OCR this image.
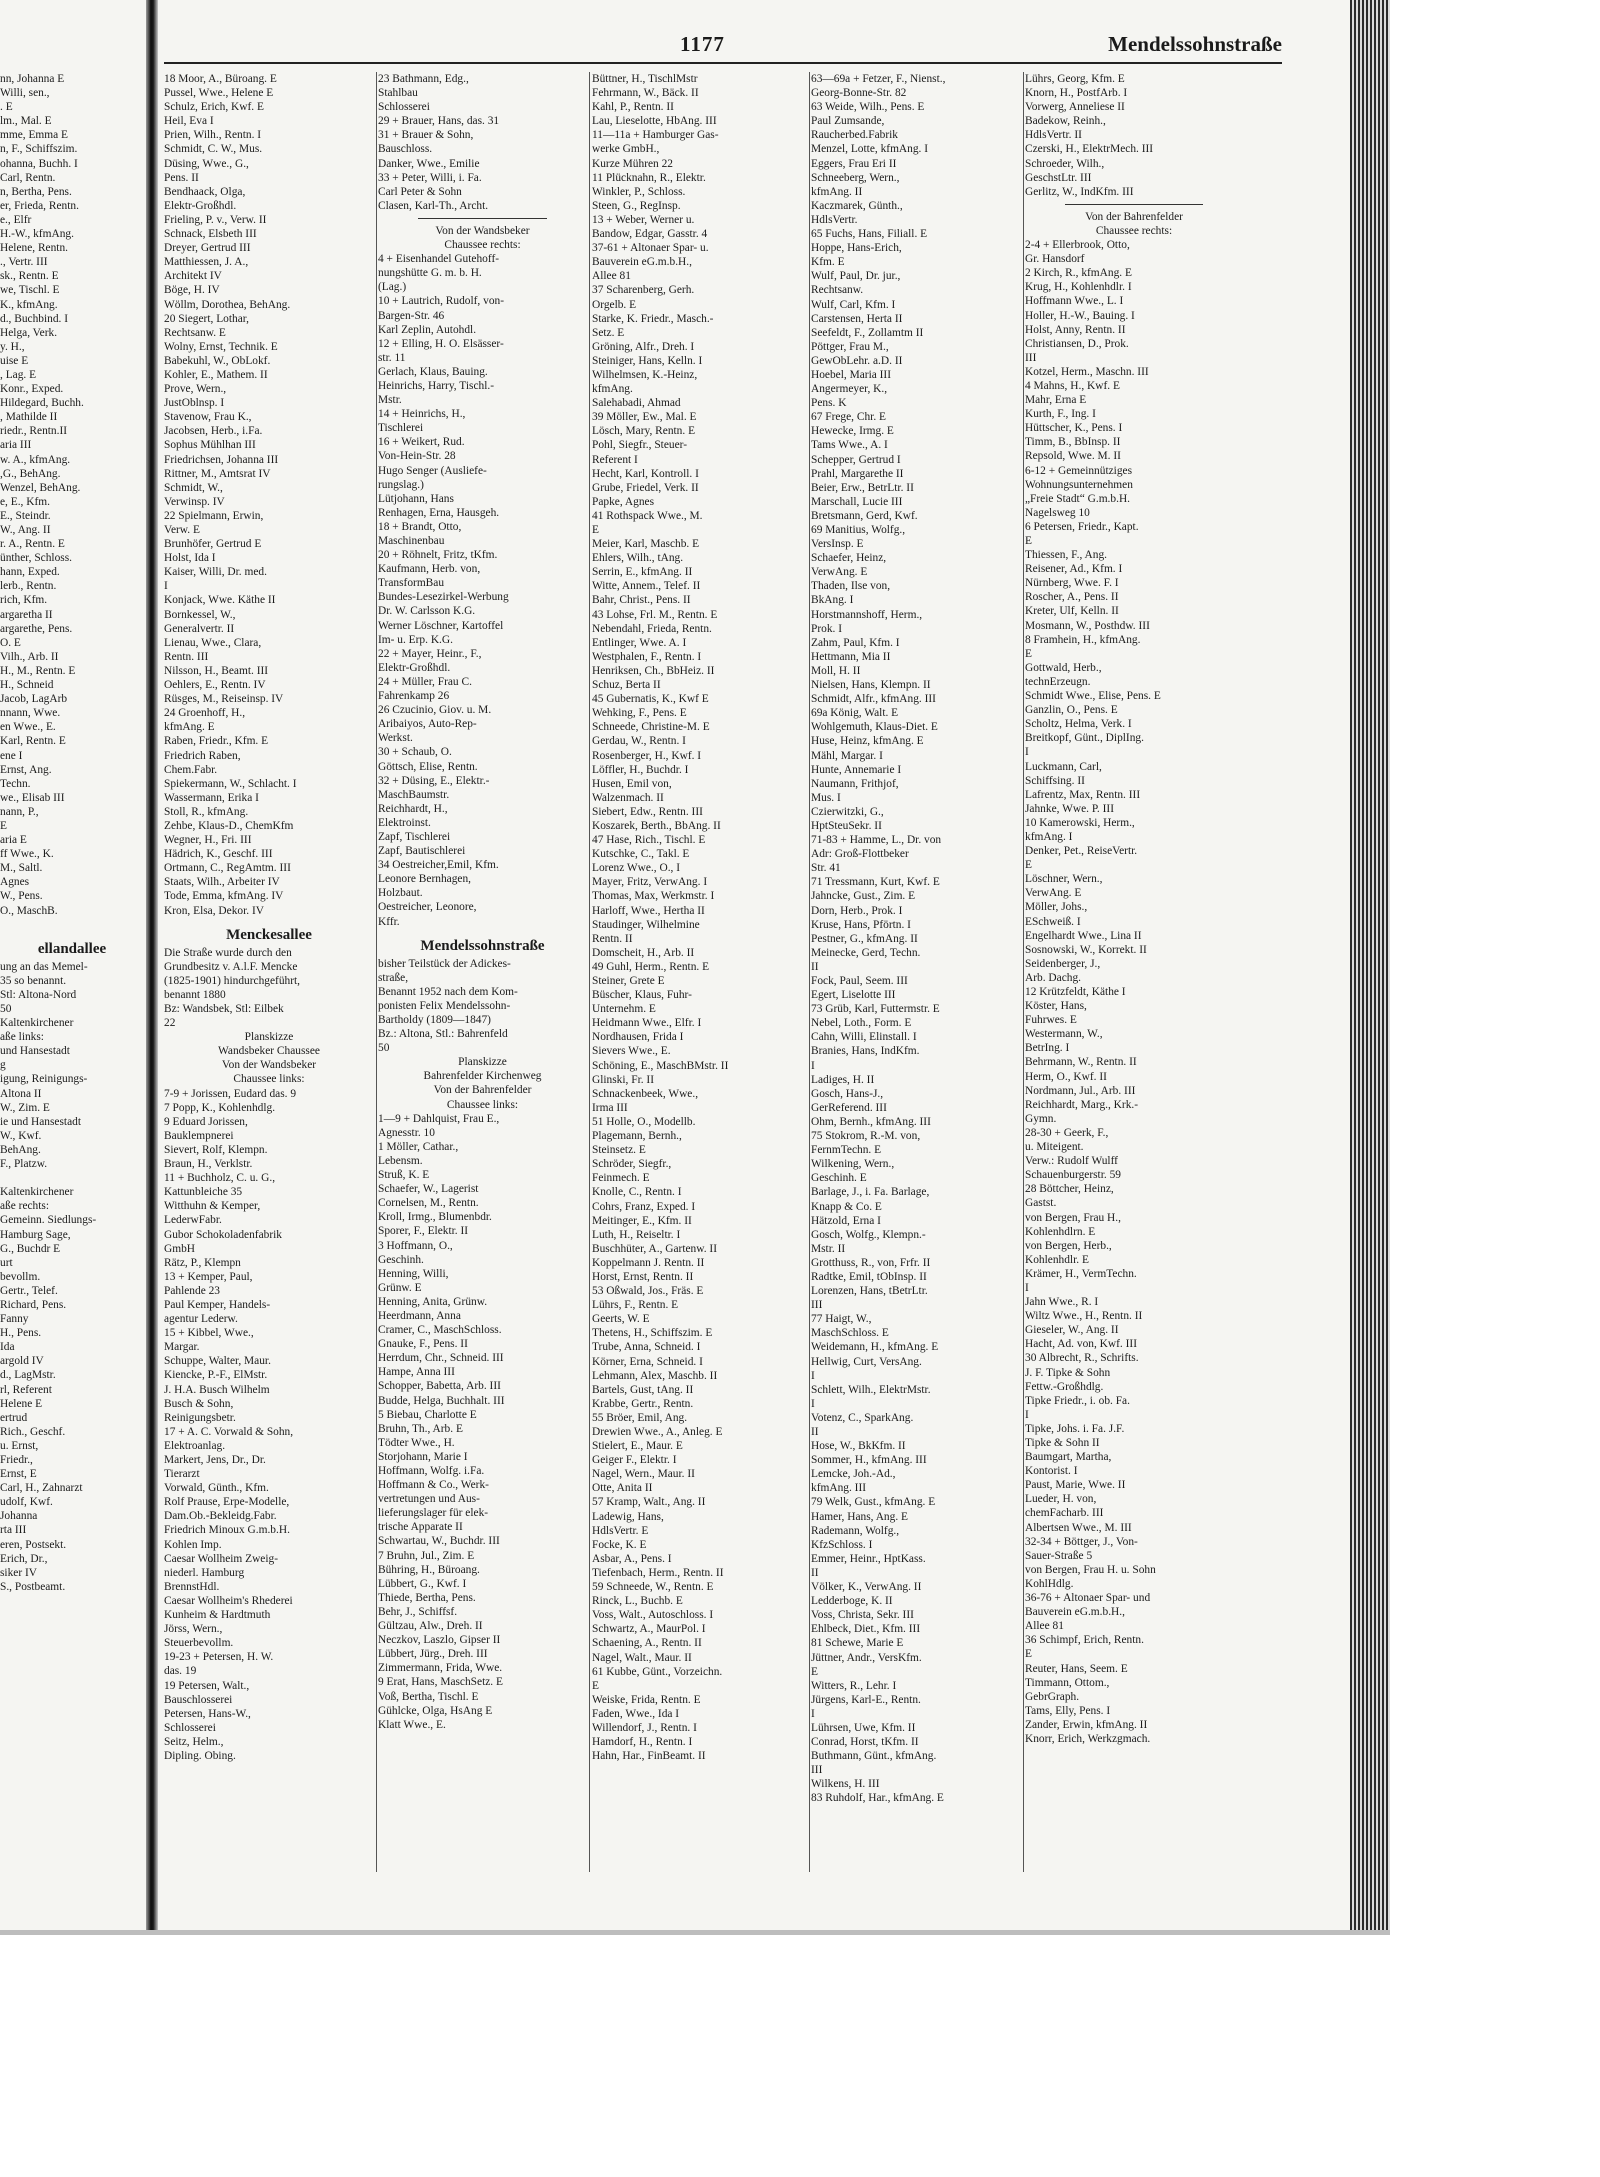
1177	Mendelssohnstraße
nn, Johanna E
Willi, sen.,
. E
lm., Mal. E
mme, Emma E
n, F., Schiffszim.
ohanna, Buchh. I
Carl, Rentn.
n, Bertha, Pens.
er, Frieda, Rentn.
e., Elfr
H.-W., kfmAng.
Helene, Rentn.
., Vertr. III
sk., Rentn. E
we, Tischl. E
K., kfmAng.
d., Buchbind. I
Helga, Verk.
y. H.,
uise E
, Lag. E
Konr., Exped.
Hildegard, Buchh.
, Mathilde II
riedr., Rentn.II
aria III
w. A., kfmAng.
,G., BehAng.
Wenzel, BehAng.
e, E., Kfm.
E., Steindr.
W., Ang. II
r. A., Rentn. E
ünther, Schloss.
hann, Exped.
lerb., Rentn.
rich, Kfm.
argaretha II
argarethe, Pens.
O. E
Vilh., Arb. II
H., M., Rentn. E
H., Schneid
Jacob, LagArb
nnann, Wwe.
en Wwe., E.
Karl, Rentn. E
ene I
Ernst, Ang.
Techn.
we., Elisab III
nann, P.,
E
aria E
ff Wwe., K.
M., Saltl.
Agnes
W., Pens.
O., MaschB.

ellandallee
ung an das Memel-
35 so benannt.
Stl: Altona-Nord
50
Kaltenkirchener
aße links:
und Hansestadt
g
igung, Reinigungs-
Altona II
W., Zim. E
ie und Hansestadt
W., Kwf.
BehAng.
F., Platzw.

Kaltenkirchener
aße rechts:
Gemeinn. Siedlungs-
Hamburg Sage,
G., Buchdr E
urt
bevollm.
Gertr., Telef.
Richard, Pens.
Fanny
H., Pens.
Ida
argold IV
d., LagMstr.
rl, Referent
Helene E
ertrud
Rich., Geschf.
u. Ernst,
Friedr.,
Ernst, E
Carl, H., Zahnarzt
udolf, Kwf.
Johanna
rta III
eren, Postsekt.
Erich, Dr.,
siker IV
S., Postbeamt.
18 Moor, A., Büroang. E
Pussel, Wwe., Helene E
Schulz, Erich, Kwf. E
Heil, Eva I
Prien, Wilh., Rentn. I
Schmidt, C. W., Mus.
Düsing, Wwe., G.,
Pens. II
Bendhaack, Olga,
Elektr-Großhdl.
Frieling, P. v., Verw. II
Schnack, Elsbeth III
Dreyer, Gertrud III
Matthiessen, J. A.,
Architekt IV
Böge, H. IV
Wöllm, Dorothea, BehAng.
20 Siegert, Lothar,
Rechtsanw. E
Wolny, Ernst, Technik. E
Babekuhl, W., ObLokf.
Kohler, E., Mathem. II
Prove, Wern.,
JustOblnsp. I
Stavenow, Frau K.,
Jacobsen, Herb., i.Fa.
Sophus Mühlhan III
Friedrichsen, Johanna III
Rittner, M., Amtsrat IV
Schmidt, W.,
Verwinsp. IV
22 Spielmann, Erwin,
Verw. E
Brunhöfer, Gertrud E
Holst, Ida I
Kaiser, Willi, Dr. med.
I
Konjack, Wwe. Käthe II
Bornkessel, W.,
Generalvertr. II
Lienau, Wwe., Clara,
Rentn. III
Nilsson, H., Beamt. III
Oehlers, E., Rentn. IV
Rüsges, M., Reiseinsp. IV
24 Groenhoff, H.,
kfmAng. E
Raben, Friedr., Kfm. E
Friedrich Raben,
Chem.Fabr.
Spiekermann, W., Schlacht. I
Wassermann, Erika I
Stoll, R., kfmAng.
Zehbe, Klaus-D., ChemKfm
Wegner, H., Fri. III
Hädrich, K., Geschf. III
Ortmann, C., RegAmtm. III
Staats, Wilh., Arbeiter IV
Tode, Emma, kfmAng. IV
Kron, Elsa, Dekor. IV
Menckesallee
Die Straße wurde durch den
Grundbesitz v. A.l.F. Mencke
(1825-1901) hindurchgeführt,
benannt 1880
Bz: Wandsbek, Stl: Eilbek
22
Planskizze
Wandsbeker Chaussee
Von der Wandsbeker
Chaussee links:
7-9 + Jorissen, Eudard das. 9
7 Popp, K., Kohlenhdlg.
9 Eduard Jorissen,
Bauklempnerei
Sievert, Rolf, Klempn.
Braun, H., Verklstr.
11 + Buchholz, C. u. G.,
Kattunbleiche 35
Witthuhn & Kemper,
LederwFabr.
Gubor Schokoladenfabrik
GmbH
Rätz, P., Klempn
13 + Kemper, Paul,
Pahlende 23
Paul Kemper, Handels-
agentur Lederw.
15 + Kibbel, Wwe.,
Margar.
Schuppe, Walter, Maur.
Kiencke, P.-F., ElMstr.
J. H.A. Busch Wilhelm
Busch & Sohn,
Reinigungsbetr.
17 + A. C. Vorwald & Sohn,
Elektroanlag.
Markert, Jens, Dr., Dr.
Tierarzt
Vorwald, Günth., Kfm.
Rolf Prause, Erpe-Modelle,
Dam.Ob.-Bekleidg.Fabr.
Friedrich Minoux G.m.b.H.
Kohlen Imp.
Caesar Wollheim Zweig-
niederl. Hamburg
BrennstHdl.
Caesar Wollheim's Rhederei
Kunheim & Hardtmuth
Jörss, Wern.,
Steuerbevollm.
19-23 + Petersen, H. W.
das. 19
19 Petersen, Walt.,
Bauschlosserei
Petersen, Hans-W.,
Schlosserei
Seitz, Helm.,
Dipling. Obing.
23 Bathmann, Edg.,
Stahlbau
Schlosserei
29 + Brauer, Hans, das. 31
31 + Brauer & Sohn,
Bauschloss.
Danker, Wwe., Emilie
33 + Peter, Willi, i. Fa.
Carl Peter & Sohn
Clasen, Karl-Th., Archt.
Von der Wandsbeker
Chaussee rechts:
4 + Eisenhandel Gutehoff-
nungshütte G. m. b. H.
(Lag.)
10 + Lautrich, Rudolf, von-
Bargen-Str. 46
Karl Zeplin, Autohdl.
12 + Elling, H. O. Elsässer-
str. 11
Gerlach, Klaus, Bauing.
Heinrichs, Harry, Tischl.-
Mstr.
14 + Heinrichs, H.,
Tischlerei
16 + Weikert, Rud.
Von-Hein-Str. 28
Hugo Senger (Ausliefe-
rungslag.)
Lütjohann, Hans
Renhagen, Erna, Hausgeh.
18 + Brandt, Otto,
Maschinenbau
20 + Röhnelt, Fritz, tKfm.
Kaufmann, Herb. von,
TransformBau
Bundes-Lesezirkel-Werbung
Dr. W. Carlsson K.G.
Werner Löschner, Kartoffel
Im- u. Erp. K.G.
22 + Mayer, Heinr., F.,
Elektr-Großhdl.
24 + Müller, Frau C.
Fahrenkamp 26
26 Czucinio, Giov. u. M.
Aribaiyos, Auto-Rep-
Werkst.
30 + Schaub, O.
Göttsch, Elise, Rentn.
32 + Düsing, E., Elektr.-
MaschBaumstr.
Reichhardt, H.,
Elektroinst.
Zapf, Tischlerei
Zapf, Bautischlerei
34 Oestreicher,Emil, Kfm.
Leonore Bernhagen,
Holzbaut.
Oestreicher, Leonore,
Kffr.
Mendelssohnstraße
bisher Teilstück der Adickes-
straße,
Benannt 1952 nach dem Kom-
ponisten Felix Mendelssohn-
Bartholdy (1809—1847)
Bz.: Altona, Stl.: Bahrenfeld
50
Planskizze
Bahrenfelder Kirchenweg
Von der Bahrenfelder
Chaussee links:
1—9 + Dahlquist, Frau E.,
Agnesstr. 10
1 Möller, Cathar.,
Lebensm.
Struß, K. E
Schaefer, W., Lagerist
Cornelsen, M., Rentn.
Kroll, Irmg., Blumenbdr.
Sporer, F., Elektr. II
3 Hoffmann, O.,
Geschinh.
Henning, Willi,
Grünw. E
Henning, Anita, Grünw.
Heerdmann, Anna
Cramer, C., MaschSchloss.
Gnauke, F., Pens. II
Herrdum, Chr., Schneid. III
Hampe, Anna III
Schopper, Babetta, Arb. III
Budde, Helga, Buchhalt. III
5 Biebau, Charlotte E
Bruhn, Th., Arb. E
Tödter Wwe., H.
Storjohann, Marie I
Hoffmann, Wolfg. i.Fa.
Hoffmann & Co., Werk-
vertretungen und Aus-
lieferungslager für elek-
trische Apparate II
Schwartau, W., Buchdr. III
7 Bruhn, Jul., Zim. E
Bühring, H., Büroang.
Lübbert, G., Kwf. I
Thiede, Bertha, Pens.
Behr, J., Schiffsf.
Gültzau, Alw., Dreh. II
Neczkov, Laszlo, Gipser II
Lübbert, Jürg., Dreh. III
Zimmermann, Frida, Wwe.
9 Erat, Hans, MaschSetz. E
Voß, Bertha, Tischl. E
Gühlcke, Olga, HsAng E
Klatt Wwe., E.
Büttner, H., TischlMstr
Fehrmann, W., Bäck. II
Kahl, P., Rentn. II
Lau, Lieselotte, HbAng. III
11—11a + Hamburger Gas-
werke GmbH.,
Kurze Mühren 22
11 Plücknahn, R., Elektr.
Winkler, P., Schloss.
Steen, G., RegInsp.
13 + Weber, Werner u.
Bandow, Edgar, Gasstr. 4
37-61 + Altonaer Spar- u.
Bauverein eG.m.b.H.,
Allee 81
37 Scharenberg, Gerh.
Orgelb. E
Starke, K. Friedr., Masch.-
Setz. E
Gröning, Alfr., Dreh. I
Steiniger, Hans, Kelln. I
Wilhelmsen, K.-Heinz,
kfmAng.
Salehabadi, Ahmad
39 Möller, Ew., Mal. E
Lösch, Mary, Rentn. E
Pohl, Siegfr., Steuer-
Referent I
Hecht, Karl, Kontroll. I
Grube, Friedel, Verk. II
Papke, Agnes
41 Rothspack Wwe., M.
E
Meier, Karl, Maschb. E
Ehlers, Wilh., tAng.
Serrin, E., kfmAng. II
Witte, Annem., Telef. II
Bahr, Christ., Pens. II
43 Lohse, Frl. M., Rentn. E
Nebendahl, Frieda, Rentn.
Entlinger, Wwe. A. I
Westphalen, F., Rentn. I
Henriksen, Ch., BbHeiz. II
Schuz, Berta II
45 Gubernatis, K., Kwf E
Wehking, F., Pens. E
Schneede, Christine-M. E
Gerdau, W., Rentn. I
Rosenberger, H., Kwf. I
Löffler, H., Buchdr. I
Husen, Emil von,
Walzenmach. II
Siebert, Edw., Rentn. III
Koszarek, Berth., BbAng. II
47 Hase, Rich., Tischl. E
Kutschke, C., Takl. E
Lorenz Wwe., O., I
Mayer, Fritz, VerwAng. I
Thomas, Max, Werkmstr. I
Harloff, Wwe., Hertha II
Staudinger, Wilhelmine
Rentn. II
Domscheit, H., Arb. II
49 Guhl, Herm., Rentn. E
Steiner, Grete E
Büscher, Klaus, Fuhr-
Unternehm. E
Heidmann Wwe., Elfr. I
Nordhausen, Frida I
Sievers Wwe., E.
Schöning, E., MaschBMstr. II
Glinski, Fr. II
Schnackenbeek, Wwe.,
Irma III
51 Holle, O., Modellb.
Plagemann, Bernh.,
Steinsetz. E
Schröder, Siegfr.,
Feinmech. E
Knolle, C., Rentn. I
Cohrs, Franz, Exped. I
Meitinger, E., Kfm. II
Luth, H., Reiseltr. I
Buschhüter, A., Gartenw. II
Koppelmann J. Rentn. II
Horst, Ernst, Rentn. II
53 Oßwald, Jos., Fräs. E
Lührs, F., Rentn. E
Geerts, W. E
Thetens, H., Schiffszim. E
Trube, Anna, Schneid. I
Körner, Erna, Schneid. I
Lehmann, Alex, Maschb. II
Bartels, Gust, tAng. II
Krabbe, Gertr., Rentn.
55 Bröer, Emil, Ang.
Drewien Wwe., A., Anleg. E
Stielert, E., Maur. E
Geiger F., Elektr. I
Nagel, Wern., Maur. II
Otte, Anita II
57 Kramp, Walt., Ang. II
Ladewig, Hans,
HdlsVertr. E
Focke, K. E
Asbar, A., Pens. I
Tiefenbach, Herm., Rentn. II
59 Schneede, W., Rentn. E
Rinck, L., Buchb. E
Voss, Walt., Autoschloss. I
Schwartz, A., MaurPol. I
Schaening, A., Rentn. II
Nagel, Walt., Maur. II
61 Kubbe, Günt., Vorzeichn.
E
Weiske, Frida, Rentn. E
Faden, Wwe., Ida I
Willendorf, J., Rentn. I
Hamdorf, H., Rentn. I
Hahn, Har., FinBeamt. II
63—69a + Fetzer, F., Nienst.,
Georg-Bonne-Str. 82
63 Weide, Wilh., Pens. E
Paul Zumsande,
Raucherbed.Fabrik
Menzel, Lotte, kfmAng. I
Eggers, Frau Eri II
Schneeberg, Wern.,
kfmAng. II
Kaczmarek, Günth.,
HdlsVertr.
65 Fuchs, Hans, Filiall. E
Hoppe, Hans-Erich,
Kfm. E
Wulf, Paul, Dr. jur.,
Rechtsanw.
Wulf, Carl, Kfm. I
Carstensen, Herta II
Seefeldt, F., Zollamtm II
Pöttger, Frau M.,
GewObLehr. a.D. II
Hoebel, Maria III
Angermeyer, K.,
Pens. K
67 Frege, Chr. E
Hewecke, Irmg. E
Tams Wwe., A. I
Schepper, Gertrud I
Prahl, Margarethe II
Beier, Erw., BetrLtr. II
Marschall, Lucie III
Bretsmann, Gerd, Kwf.
69 Manitius, Wolfg.,
VersInsp. E
Schaefer, Heinz,
VerwAng. E
Thaden, Ilse von,
BkAng. I
Horstmannshoff, Herm.,
Prok. I
Zahm, Paul, Kfm. I
Hettmann, Mia II
Moll, H. II
Nielsen, Hans, Klempn. II
Schmidt, Alfr., kfmAng. III
69a König, Walt. E
Wohlgemuth, Klaus-Diet. E
Huse, Heinz, kfmAng. E
Mähl, Margar. I
Hunte, Annemarie I
Naumann, Frithjof,
Mus. I
Czierwitzki, G.,
HptSteuSekr. II
71-83 + Hamme, L., Dr. von
Adr: Groß-Flottbeker
Str. 41
71 Tressmann, Kurt, Kwf. E
Jahncke, Gust., Zim. E
Dorn, Herb., Prok. I
Kruse, Hans, Pförtn. I
Pestner, G., kfmAng. II
Meinecke, Gerd, Techn.
II
Fock, Paul, Seem. III
Egert, Liselotte III
73 Grüb, Karl, Futtermstr. E
Nebel, Loth., Form. E
Cahn, Willi, Elinstall. I
Branies, Hans, IndKfm.
I
Ladiges, H. II
Gosch, Hans-J.,
GerReferend. III
Ohm, Bernh., kfmAng. III
75 Stokrom, R.-M. von,
FernmTechn. E
Wilkening, Wern.,
Geschinh. E
Barlage, J., i. Fa. Barlage,
Knapp & Co. E
Hätzold, Erna I
Gosch, Wolfg., Klempn.-
Mstr. II
Grotthuss, R., von, Frfr. II
Radtke, Emil, tObInsp. II
Lorenzen, Hans, tBetrLtr.
III
77 Haigt, W.,
MaschSchloss. E
Weidemann, H., kfmAng. E
Hellwig, Curt, VersAng.
I
Schlett, Wilh., ElektrMstr.
I
Votenz, C., SparkAng.
II
Hose, W., BkKfm. II
Sommer, H., kfmAng. III
Lemcke, Joh.-Ad.,
kfmAng. III
79 Welk, Gust., kfmAng. E
Hamer, Hans, Ang. E
Rademann, Wolfg.,
KfzSchloss. I
Emmer, Heinr., HptKass.
II
Völker, K., VerwAng. II
Ledderboge, K. II
Voss, Christa, Sekr. III
Ehlbeck, Diet., Kfm. III
81 Schewe, Marie E
Jüttner, Andr., VersKfm.
E
Witters, R., Lehr. I
Jürgens, Karl-E., Rentn.
I
Lührsen, Uwe, Kfm. II
Conrad, Horst, tKfm. II
Buthmann, Günt., kfmAng.
III
Wilkens, H. III
83 Ruhdolf, Har., kfmAng. E
Lührs, Georg, Kfm. E
Knorn, H., PostfArb. I
Vorwerg, Anneliese II
Badekow, Reinh.,
HdlsVertr. II
Czerski, H., ElektrMech. III
Schroeder, Wilh.,
GeschstLtr. III
Gerlitz, W., IndKfm. III
Von der Bahrenfelder
Chaussee rechts:
2-4 + Ellerbrook, Otto,
Gr. Hansdorf
2 Kirch, R., kfmAng. E
Krug, H., Kohlenhdlr. I
Hoffmann Wwe., L. I
Holler, H.-W., Bauing. I
Holst, Anny, Rentn. II
Christiansen, D., Prok.
III
Kotzel, Herm., Maschn. III
4 Mahns, H., Kwf. E
Mahr, Erna E
Kurth, F., Ing. I
Hüttscher, K., Pens. I
Timm, B., BbInsp. II
Repsold, Wwe. M. II
6-12 + Gemeinnütziges
Wohnungsunternehmen
„Freie Stadt“ G.m.b.H.
Nagelsweg 10
6 Petersen, Friedr., Kapt.
E
Thiessen, F., Ang.
Reisener, Ad., Kfm. I
Nürnberg, Wwe. F. I
Roscher, A., Pens. II
Kreter, Ulf, Kelln. II
Mosmann, W., Posthdw. III
8 Framhein, H., kfmAng.
E
Gottwald, Herb.,
technErzeugn.
Schmidt Wwe., Elise, Pens. E
Ganzlin, O., Pens. E
Scholtz, Helma, Verk. I
Breitkopf, Günt., DiplIng.
I
Luckmann, Carl,
Schiffsing. II
Lafrentz, Max, Rentn. III
Jahnke, Wwe. P. III
10 Kamerowski, Herm.,
kfmAng. I
Denker, Pet., ReiseVertr.
E
Löschner, Wern.,
VerwAng. E
Möller, Johs.,
ESchweiß. I
Engelhardt Wwe., Lina II
Sosnowski, W., Korrekt. II
Seidenberger, J.,
Arb. Dachg.
12 Krützfeldt, Käthe I
Köster, Hans,
Fuhrwes. E
Westermann, W.,
BetrIng. I
Behrmann, W., Rentn. II
Herm, O., Kwf. II
Nordmann, Jul., Arb. III
Reichhardt, Marg., Krk.-
Gymn.
28-30 + Geerk, F.,
u. Miteigent.
Verw.: Rudolf Wulff
Schauenburgerstr. 59
28 Böttcher, Heinz,
Gastst.
von Bergen, Frau H.,
Kohlenhdlrn. E
von Bergen, Herb.,
Kohlenhdlr. E
Krämer, H., VermTechn.
I
Jahn Wwe., R. I
Wiltz Wwe., H., Rentn. II
Gieseler, W., Ang. II
Hacht, Ad. von, Kwf. III
30 Albrecht, R., Schrifts.
J. F. Tipke & Sohn
Fettw.-Großhdlg.
Tipke Friedr., i. ob. Fa.
I
Tipke, Johs. i. Fa. J.F.
Tipke & Sohn II
Baumgart, Martha,
Kontorist. I
Paust, Marie, Wwe. II
Lueder, H. von,
chemFacharb. III
Albertsen Wwe., M. III
32-34 + Böttger, J., Von-
Sauer-Straße 5
von Bergen, Frau H. u. Sohn
KohlHdlg.
36-76 + Altonaer Spar- und
Bauverein eG.m.b.H.,
Allee 81
36 Schimpf, Erich, Rentn.
E
Reuter, Hans, Seem. E
Timmann, Ottom.,
GebrGraph.
Tams, Elly, Pens. I
Zander, Erwin, kfmAng. II
Knorr, Erich, Werkzgmach.
